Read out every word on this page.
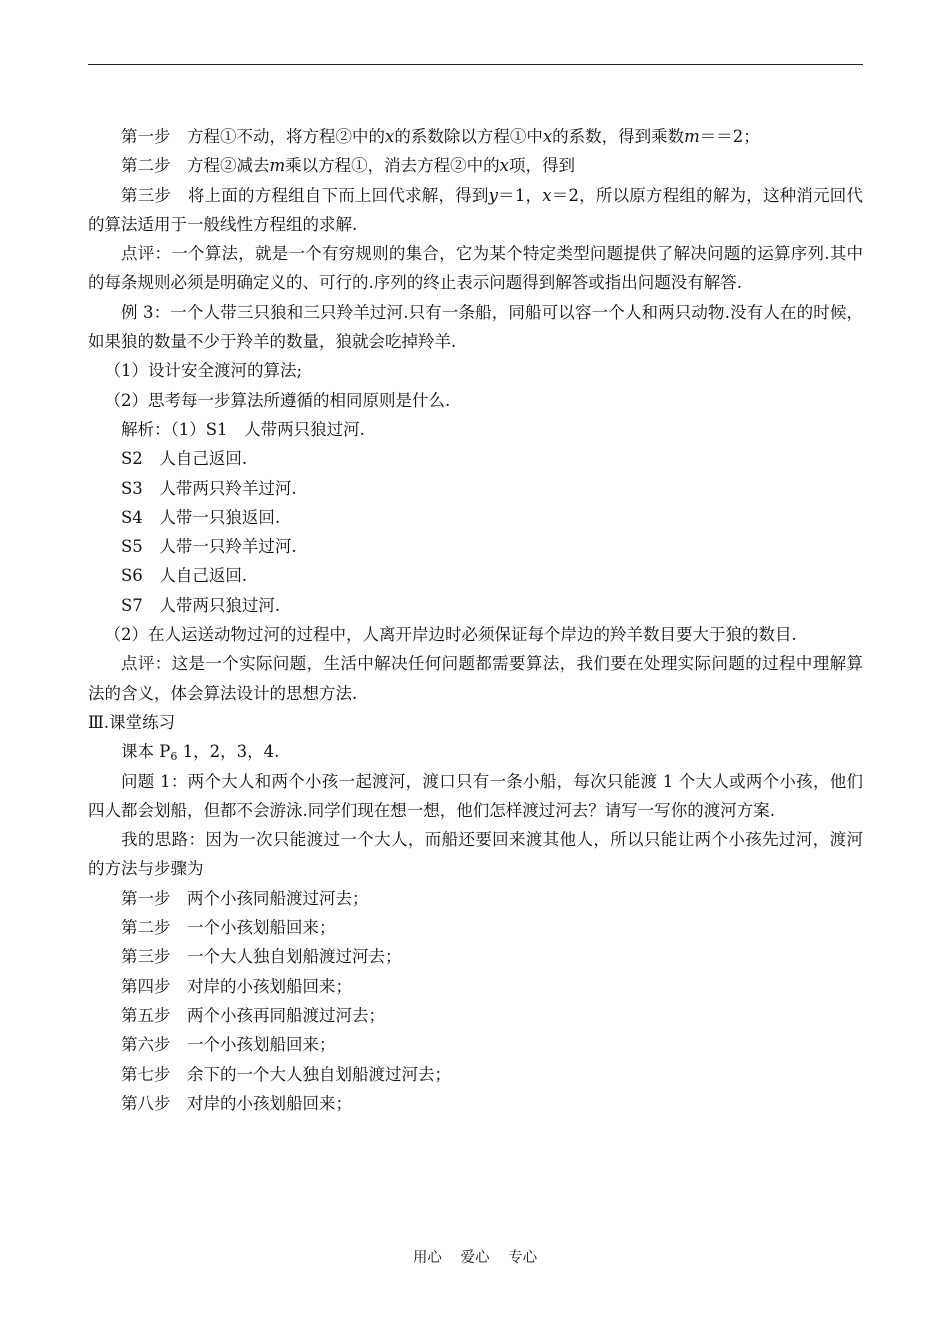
第一步 方程①不动，将方程②中的x的系数除以方程①中x的系数，得到乘数m＝＝2；

第二步 方程②减去m乘以方程①，消去方程②中的x项，得到

第三步 将上面的方程组自下而上回代求解，得到y＝1，x＝2，所以原方程组的解为，这种消元回代的算法适用于一般线性方程组的求解.

点评：一个算法，就是一个有穷规则的集合，它为某个特定类型问题提供了解决问题的运算序列.其中的每条规则必须是明确定义的、可行的.序列的终止表示问题得到解答或指出问题没有解答.

例 3：一个人带三只狼和三只羚羊过河.只有一条船，同船可以容一个人和两只动物.没有人在的时候，如果狼的数量不少于羚羊的数量，狼就会吃掉羚羊.

（1）设计安全渡河的算法;

（2）思考每一步算法所遵循的相同原则是什么.

解析：（1）S1 人带两只狼过河.

S2 人自己返回.

S3 人带两只羚羊过河.

S4 人带一只狼返回.

S5 人带一只羚羊过河.

S6 人自己返回.

S7 人带两只狼过河.

（2）在人运送动物过河的过程中，人离开岸边时必须保证每个岸边的羚羊数目要大于狼的数目.

点评：这是一个实际问题，生活中解决任何问题都需要算法，我们要在处理实际问题的过程中理解算法的含义，体会算法设计的思想方法.

Ⅲ.课堂练习

课本 $P_6$ 1，2，3，4.

问题 1：两个大人和两个小孩一起渡河，渡口只有一条小船，每次只能渡 1 个大人或两个小孩，他们四人都会划船，但都不会游泳.同学们现在想一想，他们怎样渡过河去？请写一写你的渡河方案.

我的思路：因为一次只能渡过一个大人，而船还要回来渡其他人，所以只能让两个小孩先过河，渡河的方法与步骤为

第一步 两个小孩同船渡过河去；

第二步 一个小孩划船回来；

第三步 一个大人独自划船渡过河去；

第四步 对岸的小孩划船回来；

第五步 两个小孩再同船渡过河去；

第六步 一个小孩划船回来；

第七步 余下的一个大人独自划船渡过河去；

第八步 对岸的小孩划船回来；

用心 爱心 专心
